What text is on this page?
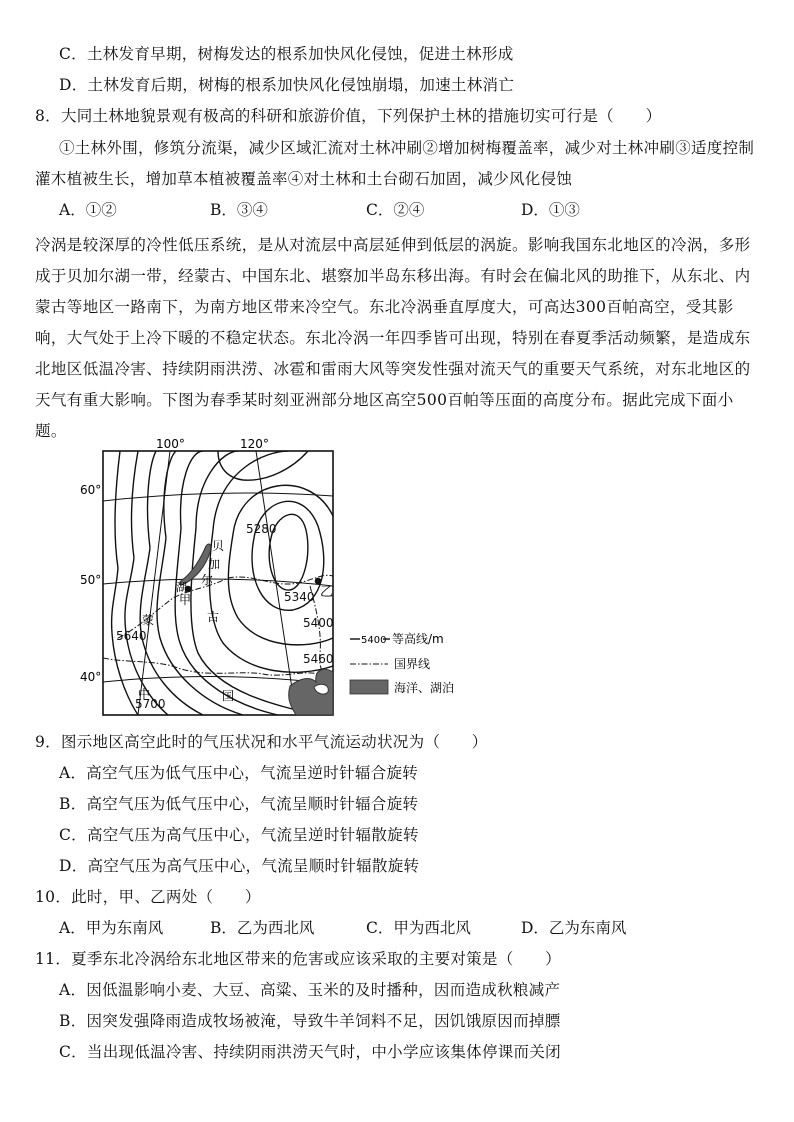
C．土林发育早期，树梅发达的根系加快风化侵蚀，促进土林形成
D．土林发育后期，树梅的根系加快风化侵蚀崩塌，加速土林消亡
8．大同土林地貌景观有极高的科研和旅游价值，下列保护土林的措施切实可行是（　　）
①土林外围，修筑分流渠，减少区域汇流对土林冲刷②增加树梅覆盖率，减少对土林冲刷③适度控制
灌木植被生长，增加草本植被覆盖率④对土林和土台砌石加固，减少风化侵蚀
A．①②	B．③④	C．②④	D．①③
冷涡是较深厚的冷性低压系统，是从对流层中高层延伸到低层的涡旋。影响我国东北地区的冷涡，多形成于贝加尔湖一带，经蒙古、中国东北、堪察加半岛东移出海。有时会在偏北风的助推下，从东北、内蒙古等地区一路南下，为南方地区带来冷空气。东北冷涡垂直厚度大，可高达300百帕高空，受其影响，大气处于上冷下暖的不稳定状态。东北冷涡一年四季皆可出现，特别在春夏季活动频繁，是造成东北地区低温冷害、持续阴雨洪涝、冰雹和雷雨大风等突发性强对流天气的重要天气系统，对东北地区的天气有重大影响。下图为春季某时刻亚洲部分地区高空500百帕等压面的高度分布。据此完成下面小题。
100°	120°
60°
50°
40°
5280
5340
5400
5460
5640
5700
贝
加
尔
湖
甲	乙
蒙	古
中	国
5400 等高线/m
国界线
海洋、湖泊
9．图示地区高空此时的气压状况和水平气流运动状况为（　　）
A．高空气压为低气压中心，气流呈逆时针辐合旋转
B．高空气压为低气压中心，气流呈顺时针辐合旋转
C．高空气压为高气压中心，气流呈逆时针辐散旋转
D．高空气压为高气压中心，气流呈顺时针辐散旋转
10．此时，甲、乙两处（　　）
A．甲为东南风	B．乙为西北风	C．甲为西北风	D．乙为东南风
11．夏季东北冷涡给东北地区带来的危害或应该采取的主要对策是（　　）
A．因低温影响小麦、大豆、高粱、玉米的及时播种，因而造成秋粮减产
B．因突发强降雨造成牧场被淹，导致牛羊饲料不足，因饥饿原因而掉膘
C．当出现低温冷害、持续阴雨洪涝天气时，中小学应该集体停课而关闭
